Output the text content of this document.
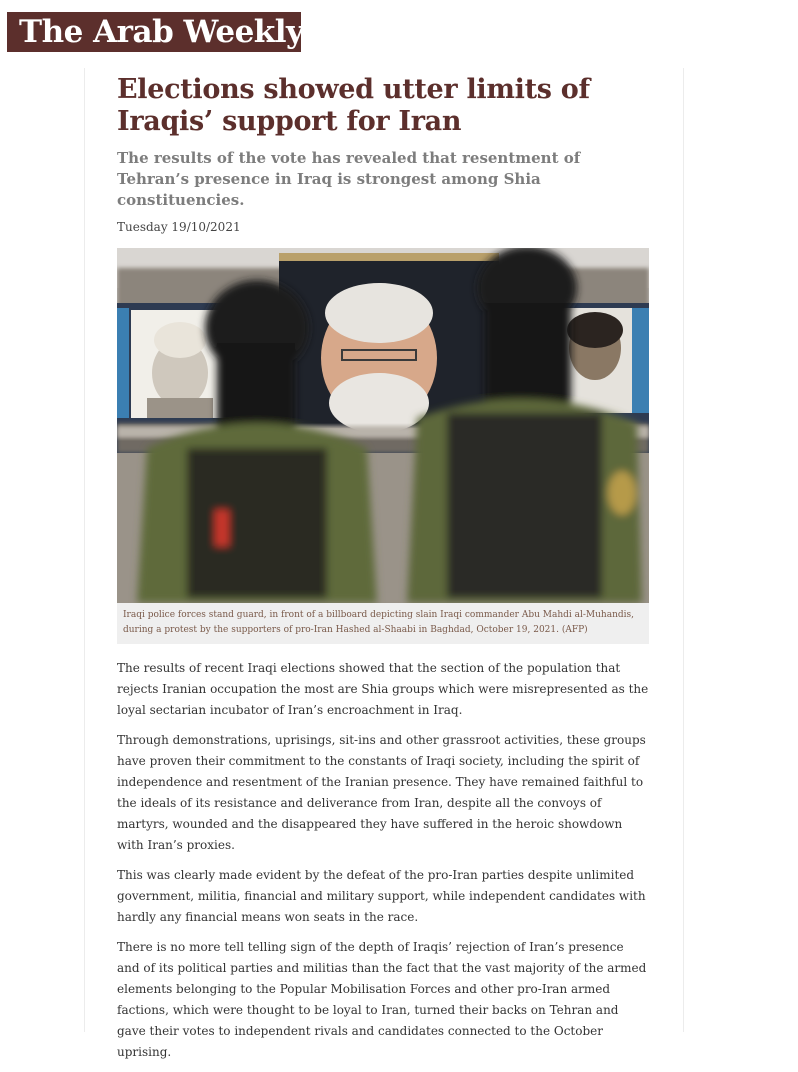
The Arab Weekly
Elections showed utter limits of Iraqis’ support for Iran
The results of the vote has revealed that resentment of Tehran’s presence in Iraq is strongest among Shia constituencies.
Tuesday 19/10/2021
Iraqi police forces stand guard, in front of a billboard depicting slain Iraqi commander Abu Mahdi al-Muhandis, during a protest by the supporters of pro-Iran Hashed al-Shaabi in Baghdad, October 19, 2021. (AFP)

The results of recent Iraqi elections showed that the section of the population that rejects Iranian occupation the most are Shia groups which were misrepresented as the loyal sectarian incubator of Iran’s encroachment in Iraq.

Through demonstrations, uprisings, sit-ins and other grassroot activities, these groups have proven their commitment to the constants of Iraqi society, including the spirit of independence and resentment of the Iranian presence. They have remained faithful to the ideals of its resistance and deliverance from Iran, despite all the convoys of martyrs, wounded and the disappeared they have suffered in the heroic showdown with Iran’s proxies.

This was clearly made evident by the defeat of the pro-Iran parties despite unlimited government, militia, financial and military support, while independent candidates with hardly any financial means won seats in the race.

There is no more tell telling sign of the depth of Iraqis’ rejection of Iran’s presence and of its political parties and militias than the fact that the vast majority of the armed elements belonging to the Popular Mobilisation Forces and other pro-Iran armed factions, which were thought to be loyal to Iran, turned their backs on Tehran and gave their votes to independent rivals and candidates connected to the October uprising.
